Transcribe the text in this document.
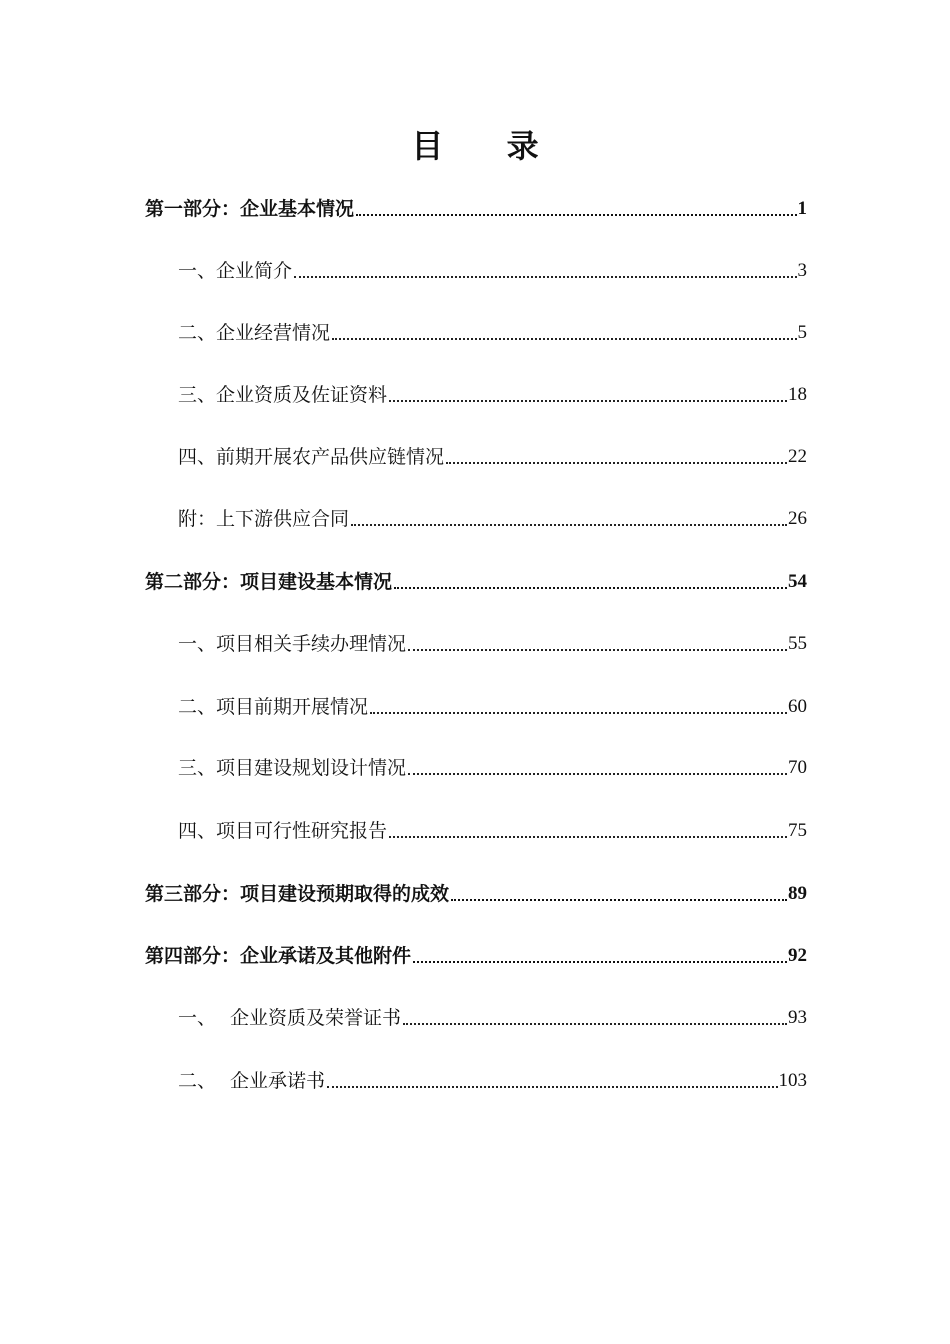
目 录
第一部分：企业基本情况	1
一、企业简介	3
二、企业经营情况	5
三、企业资质及佐证资料	18
四、前期开展农产品供应链情况	22
附：上下游供应合同	26
第二部分：项目建设基本情况	54
一、项目相关手续办理情况	55
二、项目前期开展情况	60
三、项目建设规划设计情况	70
四、项目可行性研究报告	75
第三部分：项目建设预期取得的成效	89
第四部分：企业承诺及其他附件	92
一、 企业资质及荣誉证书	93
二、 企业承诺书	103
